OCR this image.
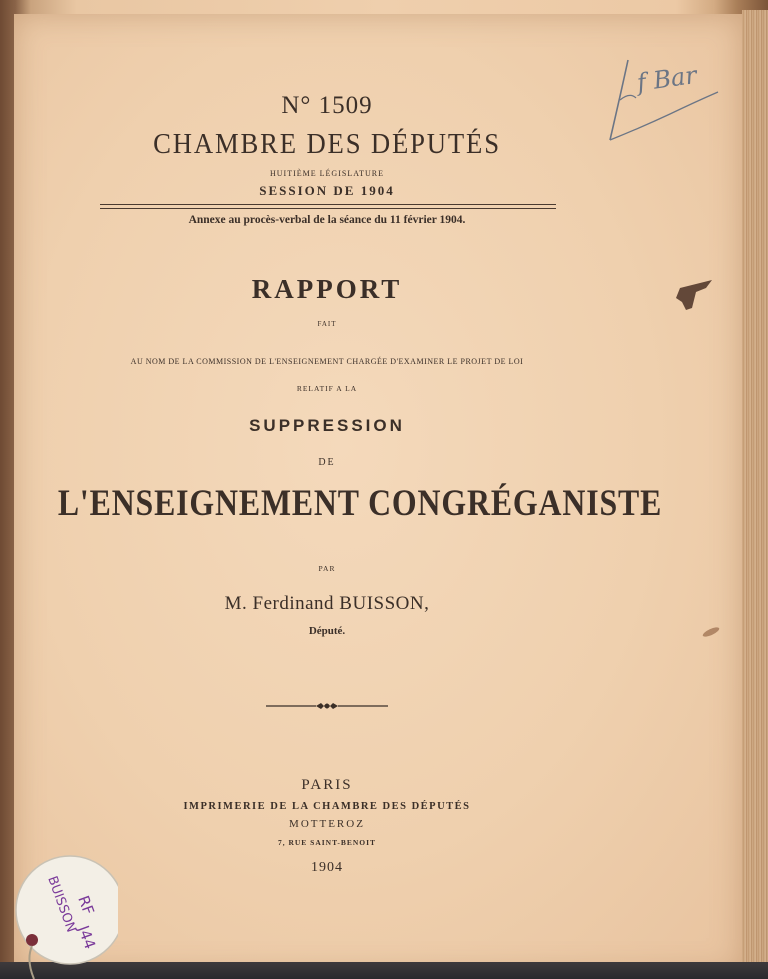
N° 1509
CHAMBRE DES DÉPUTÉS
HUITIÈME LÉGISLATURE
SESSION DE 1904
Annexe au procès-verbal de la séance du 11 février 1904.
RAPPORT
FAIT
AU NOM DE LA COMMISSION DE L'ENSEIGNEMENT CHARGÉE D'EXAMINER LE PROJET DE LOI
RELATIF A LA
SUPPRESSION
DE
L'ENSEIGNEMENT CONGRÉGANISTE
PAR
M. Ferdinand BUISSON,
Député.
PARIS
IMPRIMERIE DE LA CHAMBRE DES DÉPUTÉS
MOTTEROZ
7, RUE SAINT-BENOIT
1904
f Bar
RF
J44
BUISSON
